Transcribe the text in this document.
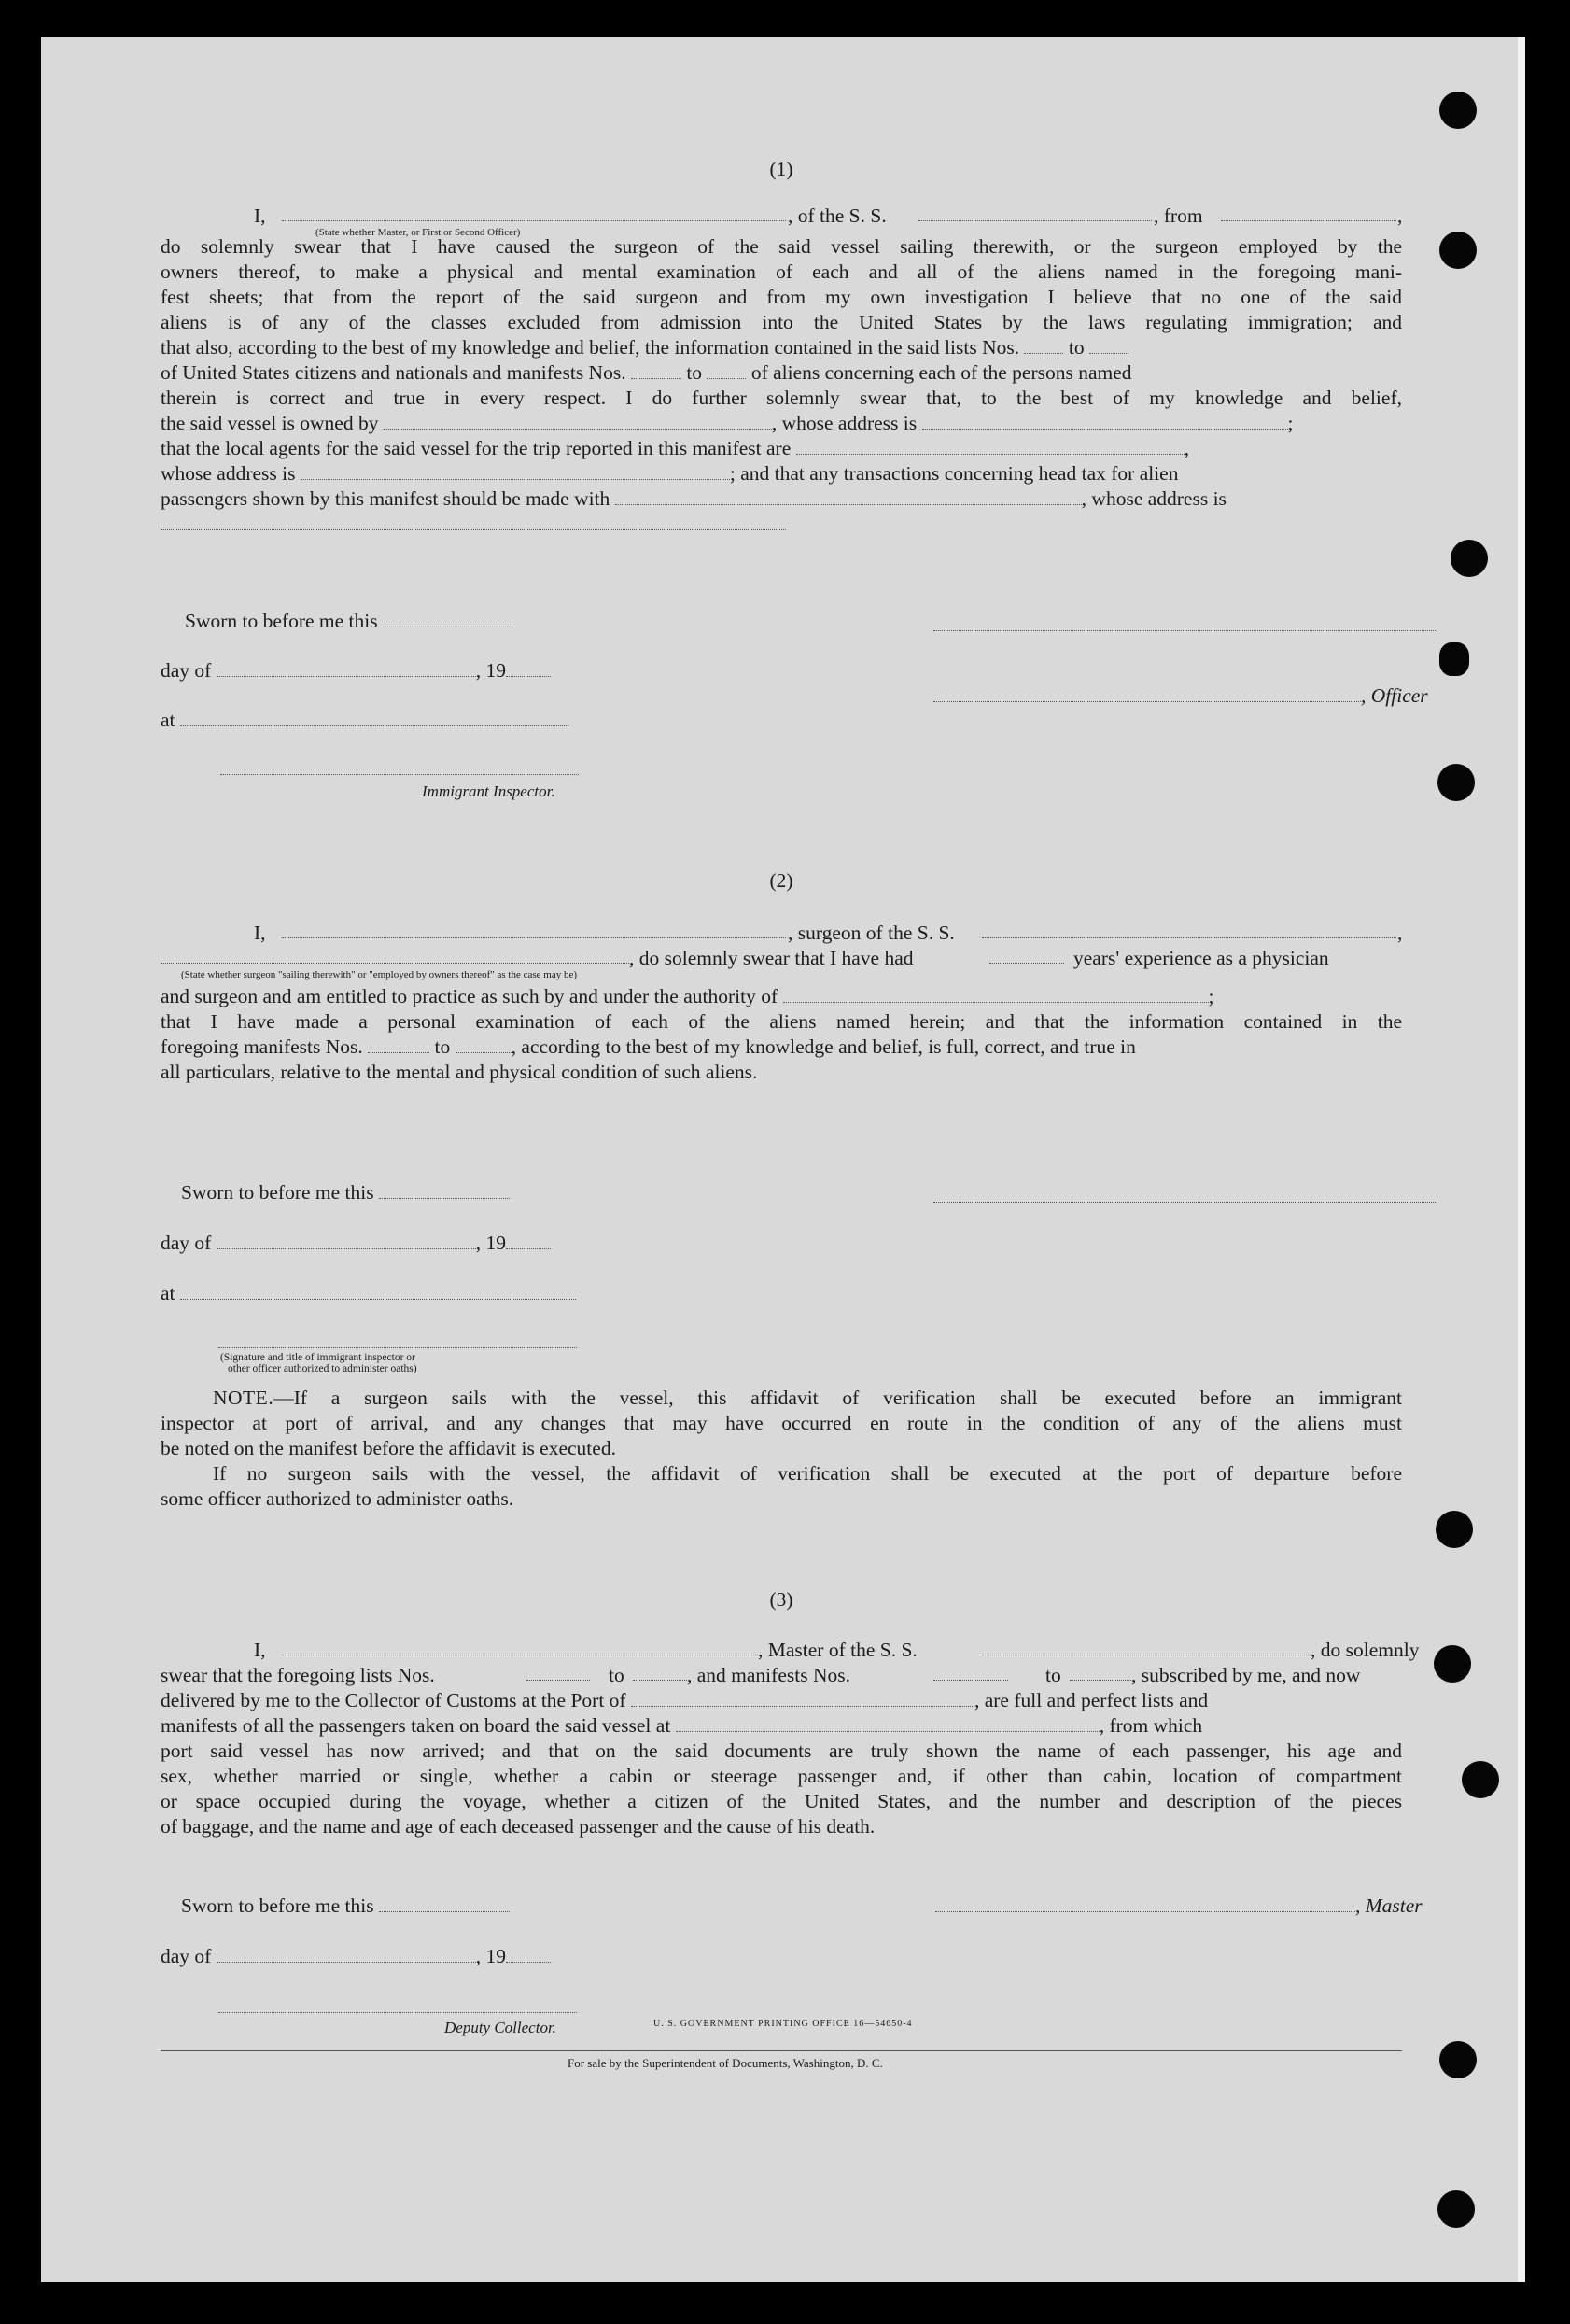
(1)
I,	, of the S. S.	, from	,
(State whether Master, or First or Second Officer)
do solemnly swear that I have caused the surgeon of the said vessel sailing therewith, or the surgeon employed by the
owners thereof, to make a physical and mental examination of each and all of the aliens named in the foregoing mani-
fest sheets; that from the report of the said surgeon and from my own investigation I believe that no one of the said
aliens is of any of the classes excluded from admission into the United States by the laws regulating immigration; and
that also, according to the best of my knowledge and belief, the information contained in the said lists Nos. to
of United States citizens and nationals and manifests Nos.	to of aliens concerning each of the persons named
therein is correct and true in every respect. I do further solemnly swear that, to the best of my knowledge and belief,
the said vessel is owned by	, whose address is	;
that the local agents for the said vessel for the trip reported in this manifest are	,
whose address is	; and that any transactions concerning head tax for alien
passengers shown by this manifest should be made with	, whose address is
Sworn to before me this
day of	, 19
at
, Officer
Immigrant Inspector.
(2)
I,	, surgeon of the S. S.	,
, do solemnly swear that I have had	years' experience as a physician
(State whether surgeon "sailing therewith" or "employed by owners thereof" as the case may be)
and surgeon and am entitled to practice as such by and under the authority of	;
that I have made a personal examination of each of the aliens named herein; and that the information contained in the
foregoing manifests Nos.	to	, according to the best of my knowledge and belief, is full, correct, and true in
all particulars, relative to the mental and physical condition of such aliens.
Sworn to before me this
day of	, 19
at
(Signature and title of immigrant inspector or
other officer authorized to administer oaths)
NOTE.—If a surgeon sails with the vessel, this affidavit of verification shall be executed before an immigrant
inspector at port of arrival, and any changes that may have occurred en route in the condition of any of the aliens must
be noted on the manifest before the affidavit is executed.
If no surgeon sails with the vessel, the affidavit of verification shall be executed at the port of departure before
some officer authorized to administer oaths.
(3)
I,	, Master of the S. S.	, do solemnly
swear that the foregoing lists Nos.	to	, and manifests Nos.	to	, subscribed by me, and now
delivered by me to the Collector of Customs at the Port of	, are full and perfect lists and
manifests of all the passengers taken on board the said vessel at	, from which
port said vessel has now arrived; and that on the said documents are truly shown the name of each passenger, his age and
sex, whether married or single, whether a cabin or steerage passenger and, if other than cabin, location of compartment
or space occupied during the voyage, whether a citizen of the United States, and the number and description of the pieces
of baggage, and the name and age of each deceased passenger and the cause of his death.
Sworn to before me this	, Master
day of	, 19
Deputy Collector.	U. S. GOVERNMENT PRINTING OFFICE 16—54650-4
For sale by the Superintendent of Documents, Washington, D. C.
